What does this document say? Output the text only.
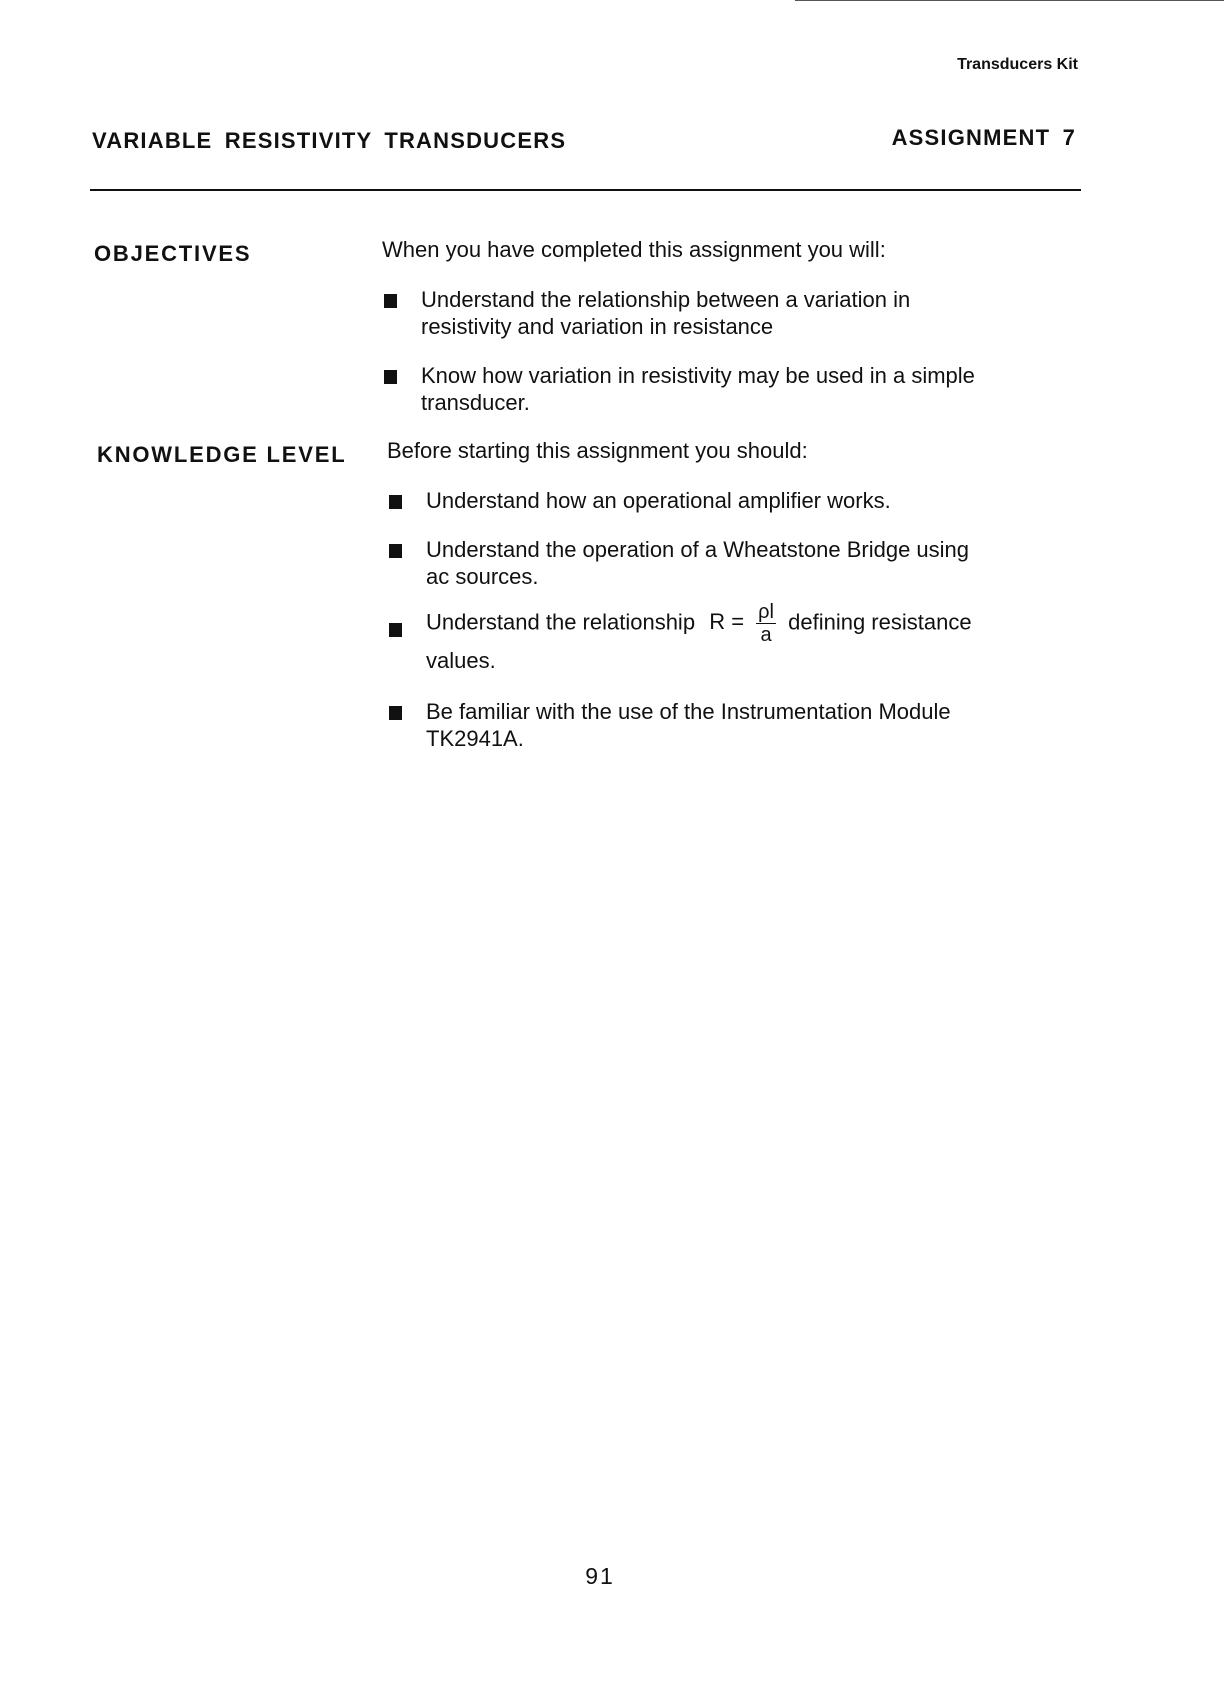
Transducers Kit
VARIABLE RESISTIVITY TRANSDUCERS	ASSIGNMENT 7
OBJECTIVES	When you have completed this assignment you will:
Understand the relationship between a variation in
resistivity and variation in resistance
Know how variation in resistivity may be used in a simple
transducer.
KNOWLEDGE LEVEL Before starting this assignment you should:
Understand how an operational amplifier works.
Understand the operation of a Wheatstone Bridge using
ac sources.
Understand the relationship $R = \frac{\rho l}{a}$ defining resistance
values.
Be familiar with the use of the Instrumentation Module
TK2941A.
91
